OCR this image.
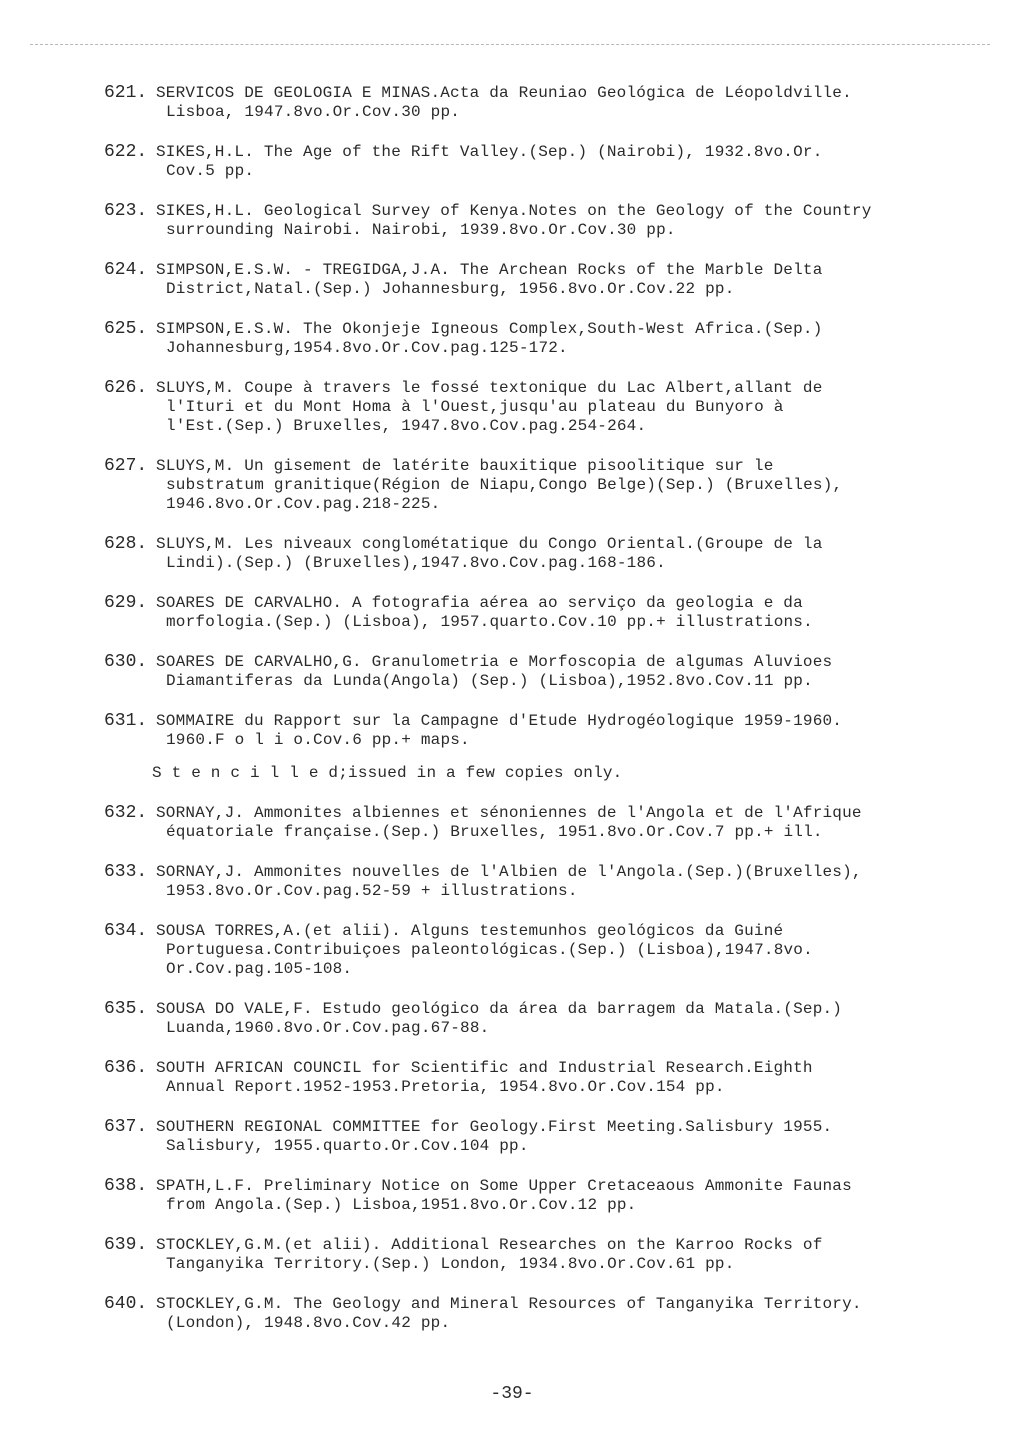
621. SERVICOS DE GEOLOGIA E MINAS.Acta da Reuniao Geológica de Léopoldville.
Lisboa, 1947.8vo.Or.Cov.30 pp.
622. SIKES,H.L. The Age of the Rift Valley.(Sep.) (Nairobi), 1932.8vo.Or.
Cov.5 pp.
623. SIKES,H.L. Geological Survey of Kenya.Notes on the Geology of the Country
surrounding Nairobi. Nairobi, 1939.8vo.Or.Cov.30 pp.
624. SIMPSON,E.S.W. - TREGIDGA,J.A. The Archean Rocks of the Marble Delta
District,Natal.(Sep.) Johannesburg, 1956.8vo.Or.Cov.22 pp.
625. SIMPSON,E.S.W. The Okonjeje Igneous Complex,South-West Africa.(Sep.)
Johannesburg,1954.8vo.Or.Cov.pag.125-172.
626. SLUYS,M. Coupe à travers le fossé textonique du Lac Albert,allant de
l'Ituri et du Mont Homa à l'Ouest,jusqu'au plateau du Bunyoro à
l'Est.(Sep.) Bruxelles, 1947.8vo.Cov.pag.254-264.
627. SLUYS,M. Un gisement de latérite bauxitique pisoolitique sur le
substratum granitique(Région de Niapu,Congo Belge)(Sep.) (Bruxelles),
1946.8vo.Or.Cov.pag.218-225.
628. SLUYS,M. Les niveaux conglométatique du Congo Oriental.(Groupe de la
Lindi).(Sep.) (Bruxelles),1947.8vo.Cov.pag.168-186.
629. SOARES DE CARVALHO. A fotografia aérea ao serviço da geologia e da
morfologia.(Sep.) (Lisboa), 1957.quarto.Cov.10 pp.+ illustrations.
630. SOARES DE CARVALHO,G. Granulometria e Morfoscopia de algumas Aluvioes
Diamantiferas da Lunda(Angola) (Sep.) (Lisboa),1952.8vo.Cov.11 pp.
631. SOMMAIRE du Rapport sur la Campagne d'Etude Hydrogéologique 1959-1960.
1960.F o l i o.Cov.6 pp.+ maps.
S t e n c i l l e d;issued in a few copies only.
632. SORNAY,J. Ammonites albiennes et sénoniennes de l'Angola et de l'Afrique
équatoriale française.(Sep.) Bruxelles, 1951.8vo.Or.Cov.7 pp.+ ill.
633. SORNAY,J. Ammonites nouvelles de l'Albien de l'Angola.(Sep.)(Bruxelles),
1953.8vo.Or.Cov.pag.52-59 + illustrations.
634. SOUSA TORRES,A.(et alii). Alguns testemunhos geológicos da Guiné
Portuguesa.Contribuiçoes paleontológicas.(Sep.) (Lisboa),1947.8vo.
Or.Cov.pag.105-108.
635. SOUSA DO VALE,F. Estudo geológico da área da barragem da Matala.(Sep.)
Luanda,1960.8vo.Or.Cov.pag.67-88.
636. SOUTH AFRICAN COUNCIL for Scientific and Industrial Research.Eighth
Annual Report.1952-1953.Pretoria, 1954.8vo.Or.Cov.154 pp.
637. SOUTHERN REGIONAL COMMITTEE for Geology.First Meeting.Salisbury 1955.
Salisbury, 1955.quarto.Or.Cov.104 pp.
638. SPATH,L.F. Preliminary Notice on Some Upper Cretaceaous Ammonite Faunas
from Angola.(Sep.) Lisboa,1951.8vo.Or.Cov.12 pp.
639. STOCKLEY,G.M.(et alii). Additional Researches on the Karroo Rocks of
Tanganyika Territory.(Sep.) London, 1934.8vo.Or.Cov.61 pp.
640. STOCKLEY,G.M. The Geology and Mineral Resources of Tanganyika Territory.
(London), 1948.8vo.Cov.42 pp.
-39-
